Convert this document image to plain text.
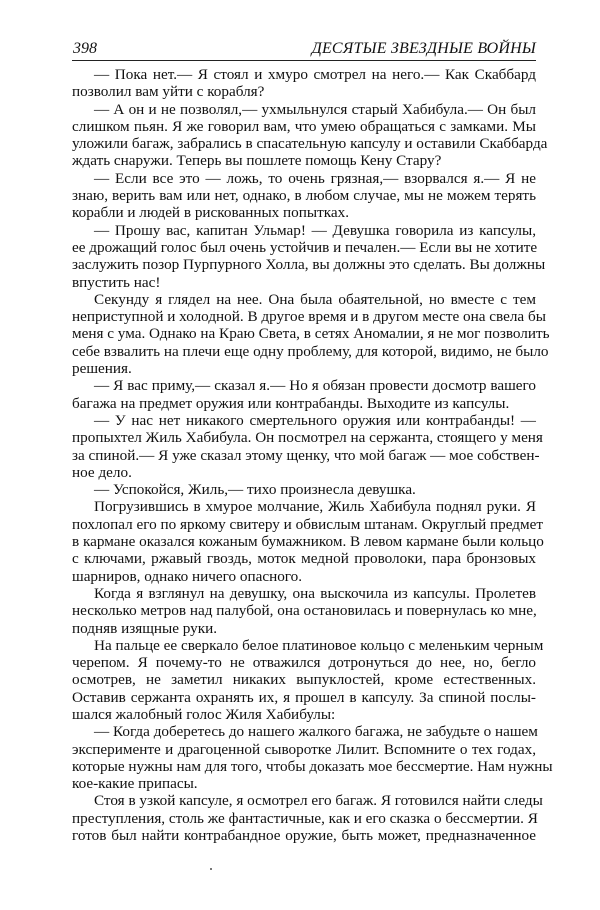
398	ДЕСЯТЫЕ ЗВЕЗДНЫЕ ВОЙНЫ
— Пока нет.— Я стоял и хмуро смотрел на него.— Как Скаббард
позволил вам уйти с корабля?
— А он и не позволял,— ухмыльнулся старый Хабибула.— Он был
слишком пьян. Я же говорил вам, что умею обращаться с замками. Мы
уложили багаж, забрались в спасательную капсулу и оставили Скаббарда
ждать снаружи. Теперь вы пошлете помощь Кену Стару?
— Если все это — ложь, то очень грязная,— взорвался я.— Я не
знаю, верить вам или нет, однако, в любом случае, мы не можем терять
корабли и людей в рискованных попытках.
— Прошу вас, капитан Ульмар! — Девушка говорила из капсулы,
ее дрожащий голос был очень устойчив и печален.— Если вы не хотите
заслужить позор Пурпурного Холла, вы должны это сделать. Вы должны
впустить нас!
Секунду я глядел на нее. Она была обаятельной, но вместе с тем
неприступной и холодной. В другое время и в другом месте она свела бы
меня с ума. Однако на Краю Света, в сетях Аномалии, я не мог позволить
себе взвалить на плечи еще одну проблему, для которой, видимо, не было
решения.
— Я вас приму,— сказал я.— Но я обязан провести досмотр вашего
багажа на предмет оружия или контрабанды. Выходите из капсулы.
— У нас нет никакого смертельного оружия или контрабанды! —
пропыхтел Жиль Хабибула. Он посмотрел на сержанта, стоящего у меня
за спиной.— Я уже сказал этому щенку, что мой багаж — мое собствен-
ное дело.
— Успокойся, Жиль,— тихо произнесла девушка.
Погрузившись в хмурое молчание, Жиль Хабибула поднял руки. Я
похлопал его по яркому свитеру и обвислым штанам. Округлый предмет
в кармане оказался кожаным бумажником. В левом кармане были кольцо
с ключами, ржавый гвоздь, моток медной проволоки, пара бронзовых
шарниров, однако ничего опасного.
Когда я взглянул на девушку, она выскочила из капсулы. Пролетев
несколько метров над палубой, она остановилась и повернулась ко мне,
подняв изящные руки.
На пальце ее сверкало белое платиновое кольцо с меленьким черным
черепом. Я почему-то не отважился дотронуться до нее, но, бегло
осмотрев, не заметил никаких выпуклостей, кроме естественных.
Оставив сержанта охранять их, я прошел в капсулу. За спиной послы-
шался жалобный голос Жиля Хабибулы:
— Когда доберетесь до нашего жалкого багажа, не забудьте о нашем
эксперименте и драгоценной сыворотке Лилит. Вспомните о тех годах,
которые нужны нам для того, чтобы доказать мое бессмертие. Нам нужны
кое-какие припасы.
Стоя в узкой капсуле, я осмотрел его багаж. Я готовился найти следы
преступления, столь же фантастичные, как и его сказка о бессмертии. Я
готов был найти контрабандное оружие, быть может, предназначенное
